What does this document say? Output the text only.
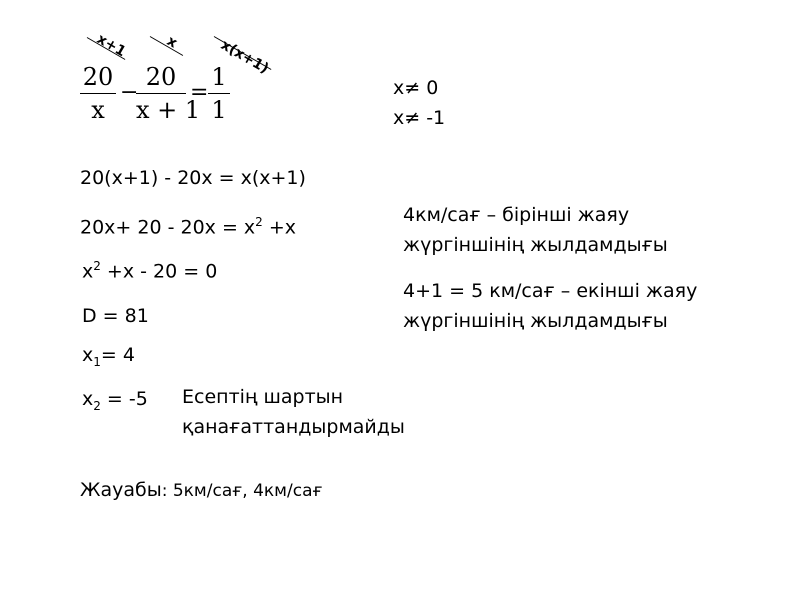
20
x
−
20
x + 1
=
1
1
x+1	x	x(x+1)
x≠ 0
x≠ -1
20(x+1) - 20x = x(x+1)
$20x+ 20 - 20x = x^2 +x$
$x^2 +x - 20 = 0$
D = 81
$x_1= 4$
$x_2 = -5$ Есептің шартын
қанағаттандырмайды
4км/сағ – бірінші жаяу
жүргіншінің жылдамдығы
4+1 = 5 км/сағ – екінші жаяу
жүргіншінің жылдамдығы
Жауабы: 5км/сағ, 4км/сағ
